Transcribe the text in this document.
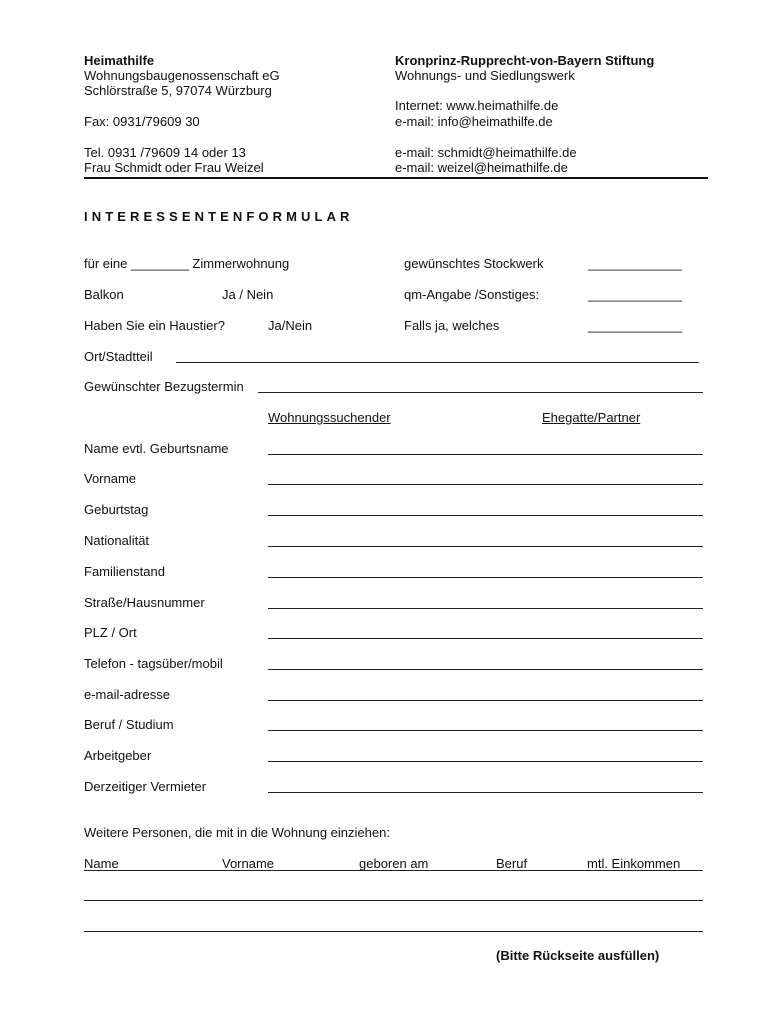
Heimathilfe
Wohnungsbaugenossenschaft eG
Schlörstraße 5, 97074 Würzburg
Fax: 0931/79609 30
Tel. 0931 /79609 14 oder 13
Frau Schmidt oder Frau Weizel
Kronprinz-Rupprecht-von-Bayern Stiftung
Wohnungs- und Siedlungswerk
Internet: www.heimathilfe.de
e-mail: info@heimathilfe.de
e-mail: schmidt@heimathilfe.de
e-mail: weizel@heimathilfe.de
INTERESSENTENFORMULAR
für eine ________ Zimmerwohnung	gewünschtes Stockwerk	_____________
Balkon	Ja / Nein	qm-Angabe /Sonstiges:	_____________
Haben Sie ein Haustier?	Ja/Nein	Falls ja, welches	_____________
Ort/Stadtteil
Gewünschter Bezugstermin
Wohnungssuchender	Ehegatte/Partner
Name evtl. Geburtsname
Vorname
Geburtstag
Nationalität
Familienstand
Straße/Hausnummer
PLZ / Ort
Telefon - tagsüber/mobil
e-mail-adresse
Beruf / Studium
Arbeitgeber
Derzeitiger Vermieter
Weitere Personen, die mit in die Wohnung einziehen:
Name	Vorname	geboren am	Beruf	mtl. Einkommen
(Bitte Rückseite ausfüllen)
